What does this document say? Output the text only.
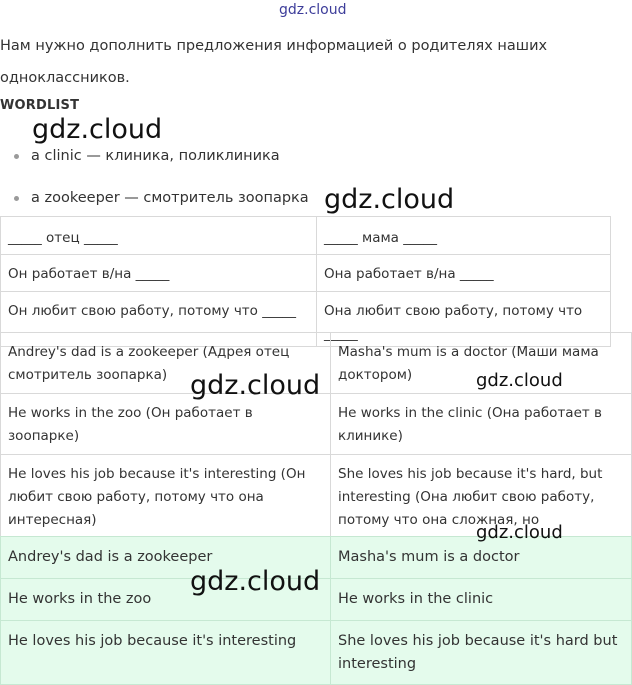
gdz.cloud
Нам нужно дополнить предложения информацией о родителях наших одноклассников.
WORDLIST
a clinic — клиника, поликлиника
a zookeeper — смотритель зоопарка
_____ отец _____	_____ мама _____
Он работает в/на _____	Она работает в/на _____
Он любит свою работу, потому что _____	Она любит свою работу, потому что _____
Andrey's dad is a zookeeper (Адрея отец смотритель зоопарка)	Masha's mum is a doctor (Маши мама доктором)
He works in the zoo (Он работает в зоопарке)	He works in the clinic (Она работает в клинике)
He loves his job because it's interesting (Он любит свою работу, потому что она интересная)	She loves his job because it's hard, but interesting (Она любит свою работу, потому что она сложная, но
Andrey's dad is a zookeeper	Masha's mum is a doctor
He works in the zoo	He works in the clinic
He loves his job because it's interesting	She loves his job because it's hard but interesting
gdz.cloud
gdz.cloud
gdz.cloud	gdz.cloud
gdz.cloud
gdz.cloud
